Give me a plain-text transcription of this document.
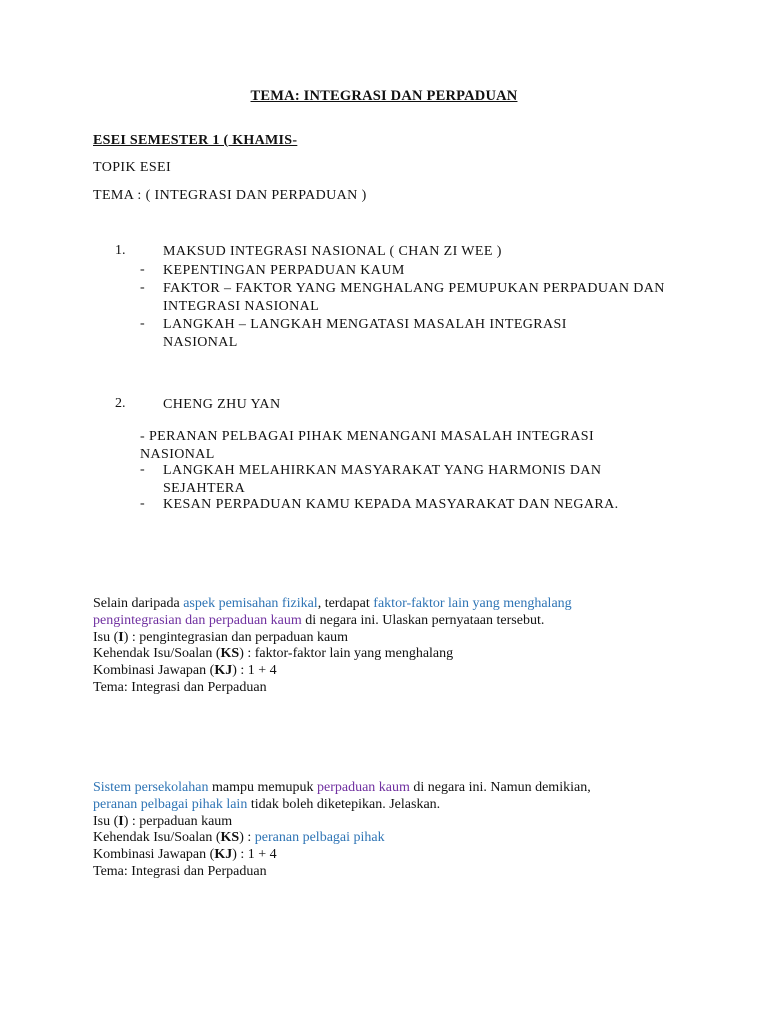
TEMA: INTEGRASI DAN PERPADUAN
ESEI SEMESTER 1 ( KHAMIS-
TOPIK ESEI
TEMA : ( INTEGRASI DAN PERPADUAN )
1.	MAKSUD INTEGRASI NASIONAL ( CHAN ZI WEE )
- KEPENTINGAN PERPADUAN KAUM
- FAKTOR – FAKTOR YANG MENGHALANG PEMUPUKAN PERPADUAN DAN INTEGRASI NASIONAL
- LANGKAH – LANGKAH MENGATASI MASALAH INTEGRASI NASIONAL
2.	CHENG ZHU YAN
- PERANAN PELBAGAI PIHAK MENANGANI MASALAH INTEGRASI NASIONAL
- LANGKAH MELAHIRKAN MASYARAKAT YANG HARMONIS DAN SEJAHTERA
- KESAN PERPADUAN KAMU KEPADA MASYARAKAT DAN NEGARA.
Selain daripada aspek pemisahan fizikal, terdapat faktor-faktor lain yang menghalang
pengintegrasian dan perpaduan kaum di negara ini. Ulaskan pernyataan tersebut.
Isu (I) : pengintegrasian dan perpaduan kaum
Kehendak Isu/Soalan (KS) : faktor-faktor lain yang menghalang
Kombinasi Jawapan (KJ) : 1 + 4
Tema: Integrasi dan Perpaduan
Sistem persekolahan mampu memupuk perpaduan kaum di negara ini. Namun demikian,
peranan pelbagai pihak lain tidak boleh diketepikan. Jelaskan.
Isu (I) : perpaduan kaum
Kehendak Isu/Soalan (KS) : peranan pelbagai pihak
Kombinasi Jawapan (KJ) : 1 + 4
Tema: Integrasi dan Perpaduan
